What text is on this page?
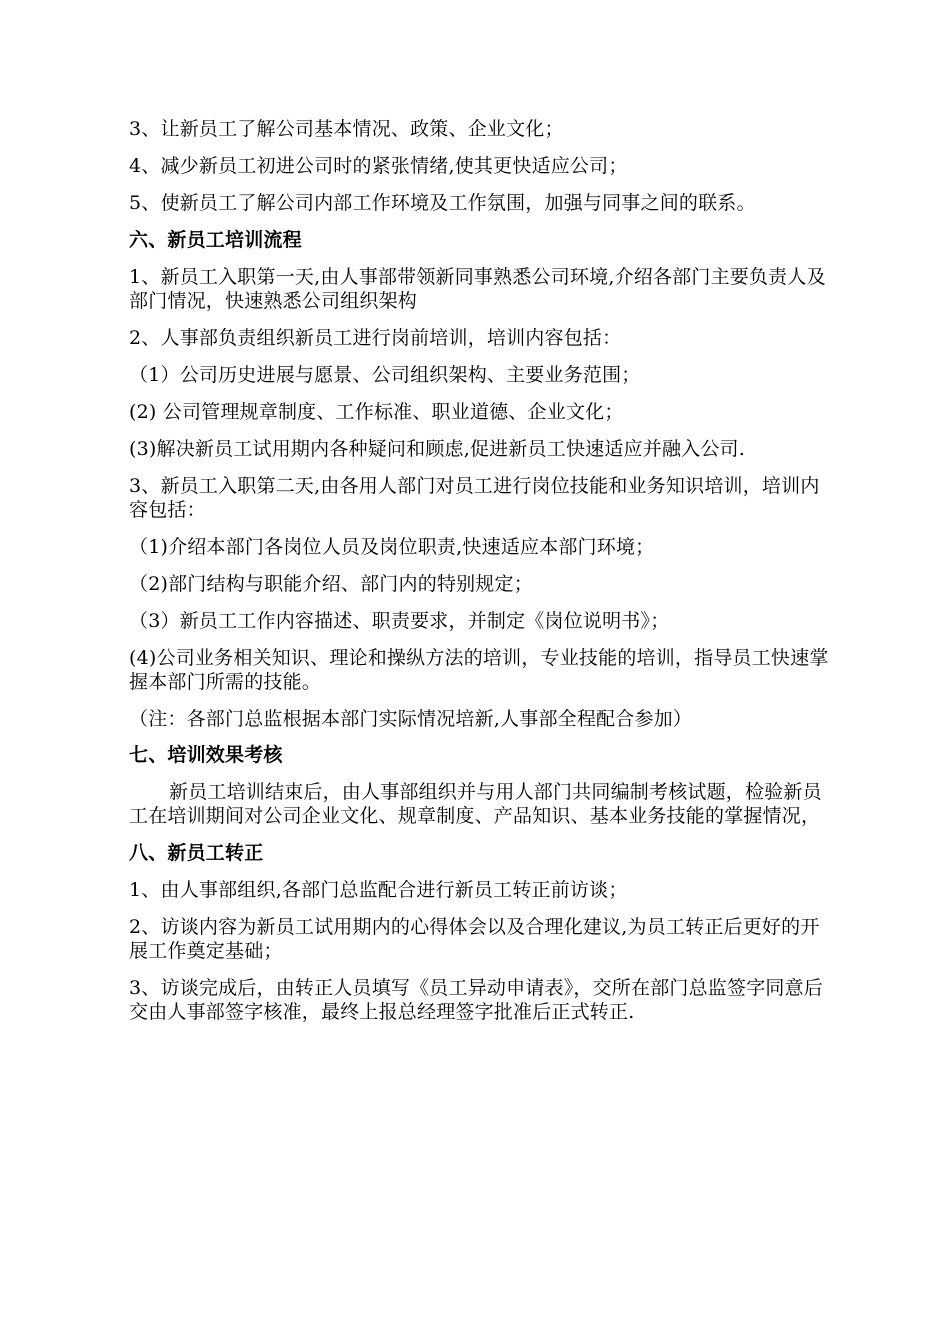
3、让新员工了解公司基本情况、政策、企业文化；

4、减少新员工初进公司时的紧张情绪,使其更快适应公司；

5、使新员工了解公司内部工作环境及工作氛围，加强与同事之间的联系。

六、新员工培训流程

1、新员工入职第一天,由人事部带领新同事熟悉公司环境,介绍各部门主要负责人及部门情况，快速熟悉公司组织架构

2、人事部负责组织新员工进行岗前培训，培训内容包括：

（1）公司历史进展与愿景、公司组织架构、主要业务范围；

(2) 公司管理规章制度、工作标准、职业道德、企业文化；

(3)解决新员工试用期内各种疑问和顾虑,促进新员工快速适应并融入公司.

3、新员工入职第二天,由各用人部门对员工进行岗位技能和业务知识培训，培训内容包括：

（1)介绍本部门各岗位人员及岗位职责,快速适应本部门环境；

（2)部门结构与职能介绍、部门内的特别规定；

（3）新员工工作内容描述、职责要求，并制定《岗位说明书》；

(4)公司业务相关知识、理论和操纵方法的培训，专业技能的培训，指导员工快速掌握本部门所需的技能。

（注：各部门总监根据本部门实际情况培新,人事部全程配合参加）

七、培训效果考核

新员工培训结束后，由人事部组织并与用人部门共同编制考核试题，检验新员工在培训期间对公司企业文化、规章制度、产品知识、基本业务技能的掌握情况，

八、新员工转正

1、由人事部组织,各部门总监配合进行新员工转正前访谈；

2、访谈内容为新员工试用期内的心得体会以及合理化建议,为员工转正后更好的开展工作奠定基础；

3、访谈完成后，由转正人员填写《员工异动申请表》，交所在部门总监签字同意后交由人事部签字核准，最终上报总经理签字批准后正式转正.
